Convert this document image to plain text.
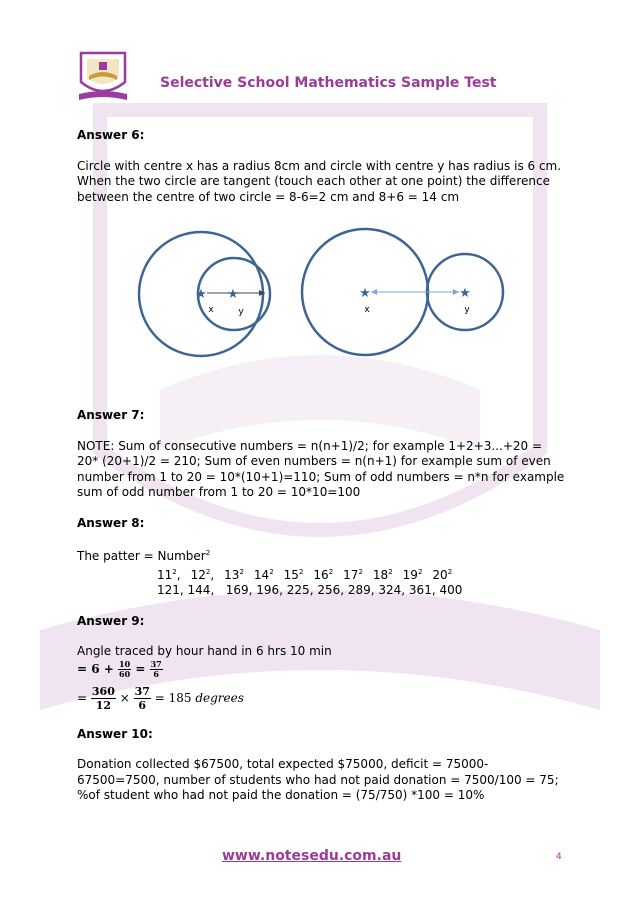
Selective School Mathematics Sample Test

Answer 6:

Circle with centre x has a radius 8cm and circle with centre y has radius is 6 cm. When the two circle are tangent (touch each other at one point) the difference between the centre of two circle = 8-6=2 cm and 8+6 = 14 cm

Answer 7:

NOTE: Sum of consecutive numbers = n(n+1)/2; for example 1+2+3...+20 = 20* (20+1)/2 = 210; Sum of even numbers = n(n+1) for example sum of even number from 1 to 20 = 10*(10+1)=110; Sum of odd numbers = n*n for example sum of odd number from 1 to 20 = 10*10=100

Answer 8:

The patter = Number$^2$

$11^2$, $12^2$, $13^2$ $14^2$ $15^2$ $16^2$ $17^2$ $18^2$ $19^2$ $20^2$

121, 144, 169, 196, 225, 256, 289, 324, 361, 400

Answer 9:

Angle traced by hour hand in 6 hrs 10 min

= $6 + \frac{10}{60} = \frac{37}{6}$

= $\frac{360}{12} \times \frac{37}{6} = 185$ degrees

Answer 10:

Donation collected $67500, total expected $75000, deficit = 75000-67500=7500, number of students who had not paid donation = 7500/100 = 75; %of student who had not paid the donation = (75/750) *100 = 10%

★ ★
x	y
★	★
x	y
www.notesedu.com.au	4
